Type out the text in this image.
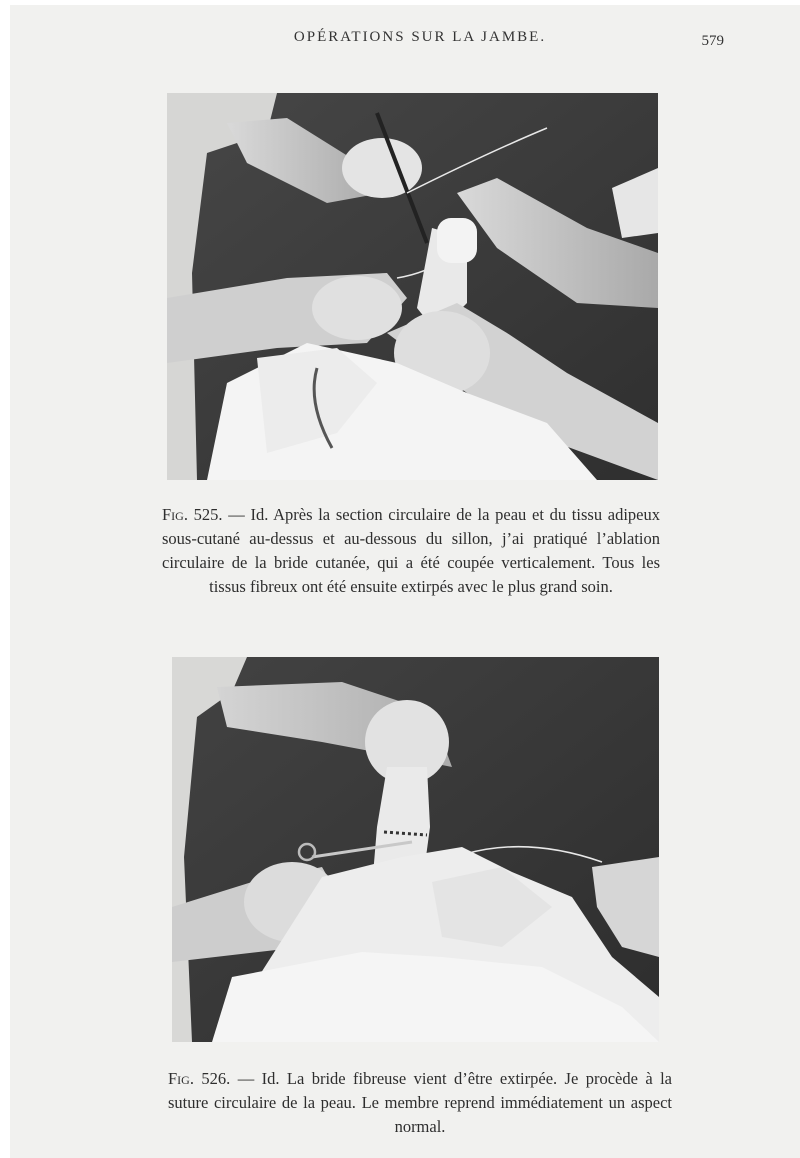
OPÉRATIONS SUR LA JAMBE.	579
Fig. 525. — Id. Après la section circulaire de la peau et du tissu adipeux sous-cutané au-dessus et au-dessous du sillon, j’ai pratiqué l’ablation circulaire de la bride cutanée, qui a été coupée verticalement. Tous les tissus fibreux ont été ensuite extirpés avec le plus grand soin.
Fig. 526. — Id. La bride fibreuse vient d’être extirpée. Je procède à la suture circulaire de la peau. Le membre reprend immédiatement un aspect normal.
